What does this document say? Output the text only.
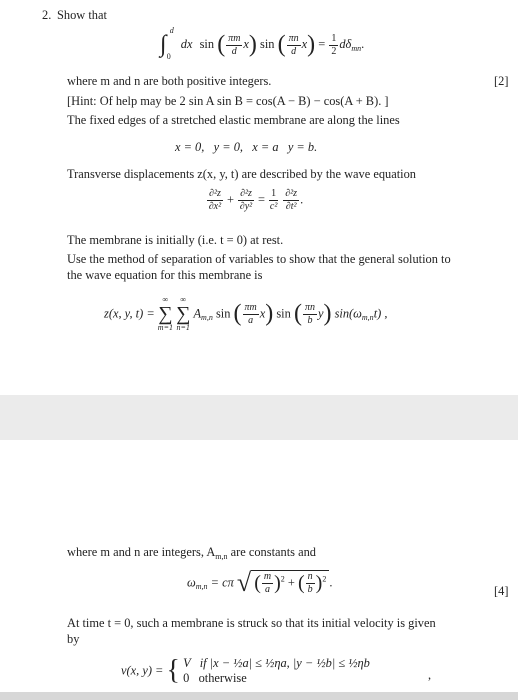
2. Show that
∫
d
0
dx sin ( $\frac{\pi m}{d} x$) sin ( $\frac{\pi n}{d} x) = \frac{1}{2} d\delta_{mn}$.
where m and n are both positive integers.	[2]
[Hint: Of help may be 2 sin A sin B = cos(A − B) − cos(A + B). ]
The fixed edges of a stretched elastic membrane are along the lines
x = 0,   y = 0,   x = a   y = b.
Transverse displacements z(x, y, t) are described by the wave equation
$\frac{\text{∂²z}}{\text{∂x²}} + \frac{\text{∂²z}}{\text{∂y²}} = \frac{1}{\text{c²}}$
$\frac{\text{∂²z}}{\text{∂t²}}$ .
The membrane is initially (i.e. t = 0) at rest.
Use the method of separation of variables to show that the general solution to
the wave equation for this membrane is
z(x, y, t) =
∞
∑
m=1

∞
∑
n=1
$A_{m,n}$ sin ( $\frac{\pi m}{a} x$) sin ( $\frac{\pi n}{b} y$) $\sin(\omega_{m,n}t)$ ,
where m and n are integers, $A_{m,n}$ are constants and
$\omega_{m,n} = c\pi$ √ ( $\frac{m}{a} )^2$ + ( $\frac{n}{b} )^2$ .
[4]
At time t = 0, such a membrane is struck so that its initial velocity is given
by
v(x, y) = { V   if |x − ½a| ≤ ½ηa, |y − ½b| ≤ ½ηb
0   otherwise	,
